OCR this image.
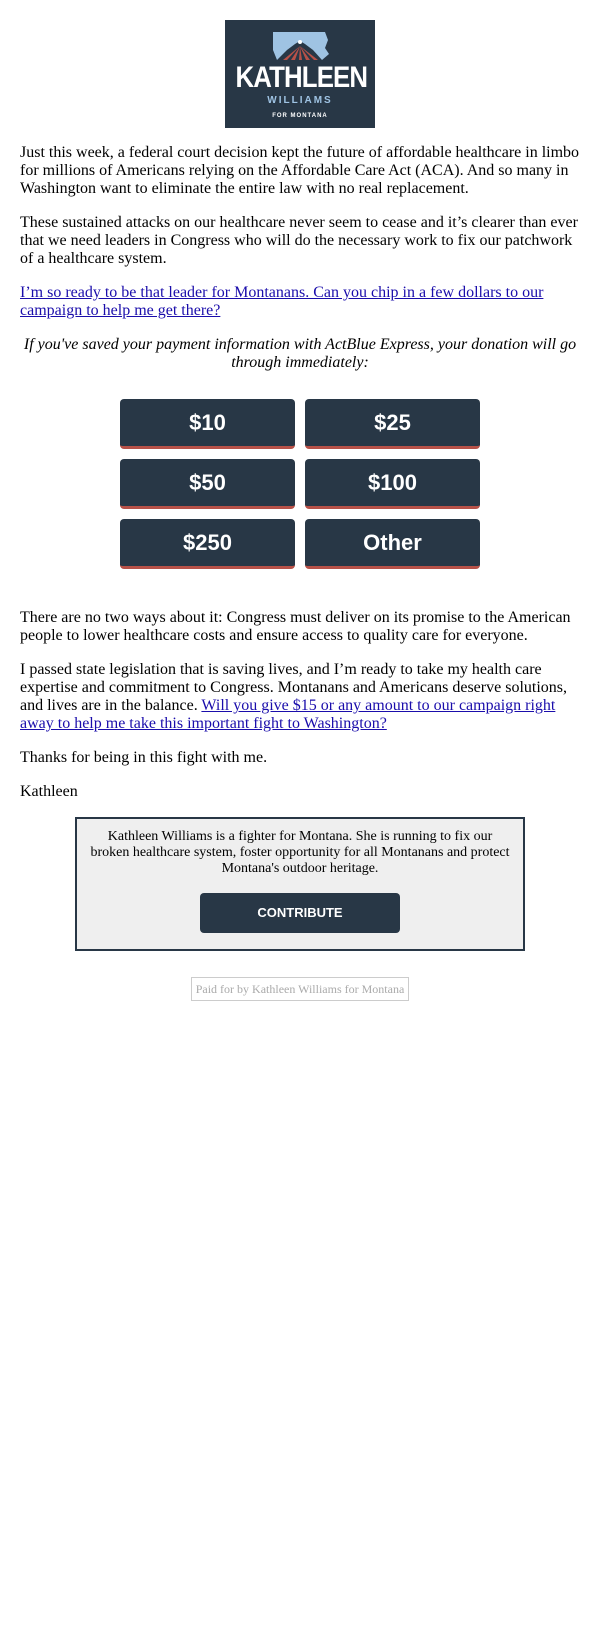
KATHLEEN
WILLIAMS
FOR MONTANA

Just this week, a federal court decision kept the future of affordable healthcare in limbo for millions of Americans relying on the Affordable Care Act (ACA). And so many in Washington want to eliminate the entire law with no real replacement.

These sustained attacks on our healthcare never seem to cease and it’s clearer than ever that we need leaders in Congress who will do the necessary work to fix our patchwork of a healthcare system.

I’m so ready to be that leader for Montanans. Can you chip in a few dollars to our campaign to help me get there?

If you've saved your payment information with ActBlue Express, your donation will go through immediately:

$10	$25
$50	$100
$250	Other

There are no two ways about it: Congress must deliver on its promise to the American people to lower healthcare costs and ensure access to quality care for everyone.

I passed state legislation that is saving lives, and I’m ready to take my health care expertise and commitment to Congress. Montanans and Americans deserve solutions, and lives are in the balance. Will you give $15 or any amount to our campaign right away to help me take this important fight to Washington?

Thanks for being in this fight with me.

Kathleen

Kathleen Williams is a fighter for Montana. She is running to fix our broken healthcare system, foster opportunity for all Montanans and protect Montana's outdoor heritage.

CONTRIBUTE
Paid for by Kathleen Williams for Montana
